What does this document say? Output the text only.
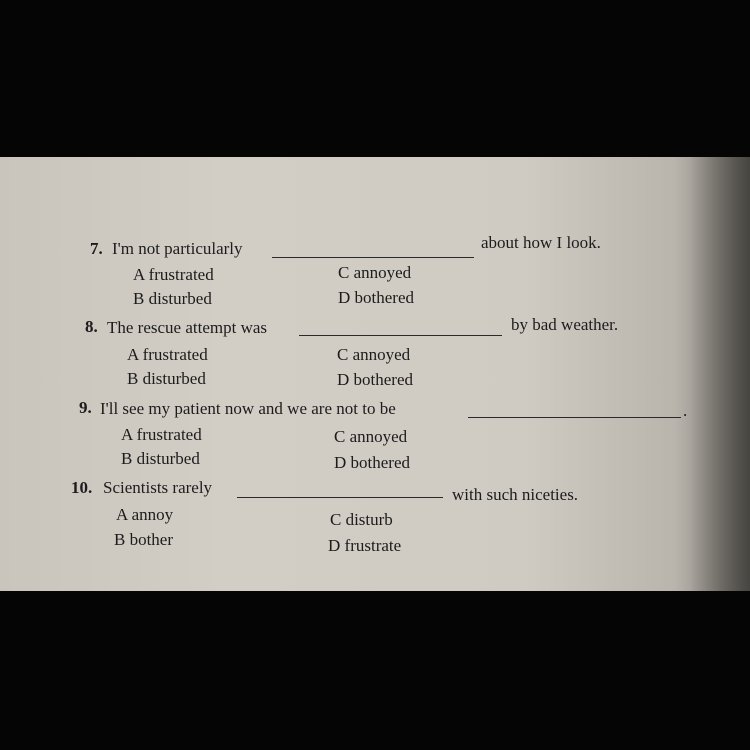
7. I'm not particularly	about how I look.
A frustrated
B disturbed
C annoyed
D bothered
8. The rescue attempt was	by bad weather.
A frustrated
B disturbed
C annoyed
D bothered
9. I'll see my patient now and we are not to be	.
A frustrated
B disturbed
C annoyed
D bothered
10. Scientists rarely	with such niceties.
A annoy
B bother
C disturb
D frustrate
